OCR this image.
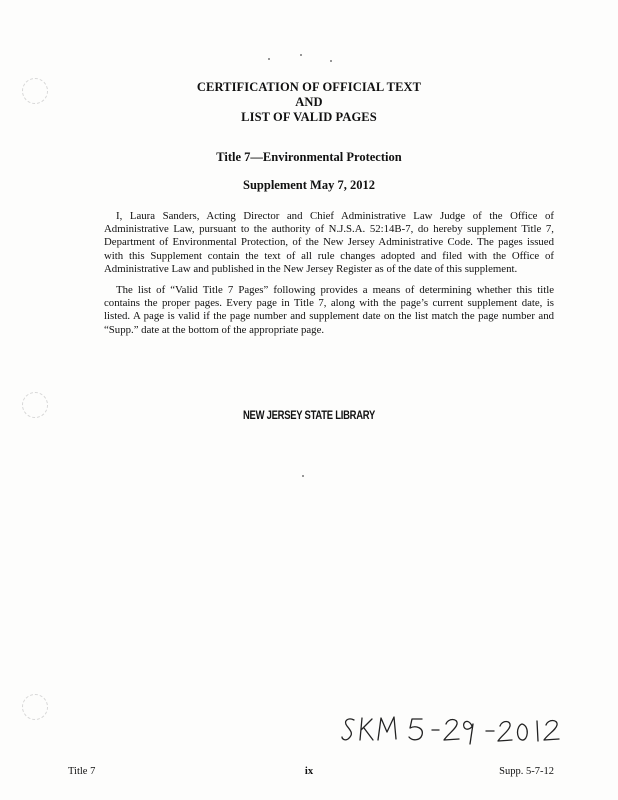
CERTIFICATION OF OFFICIAL TEXT
AND
LIST OF VALID PAGES
Title 7—Environmental Protection
Supplement May 7, 2012

I, Laura Sanders, Acting Director and Chief Administrative Law Judge of the Office of Administrative Law, pursuant to the authority of N.J.S.A. 52:14B-7, do hereby supplement Title 7, Department of Environmental Protection, of the New Jersey Administrative Code. The pages issued with this Supplement contain the text of all rule changes adopted and filed with the Office of Administrative Law and published in the New Jersey Register as of the date of this supplement.

The list of “Valid Title 7 Pages” following provides a means of determining whether this title contains the proper pages. Every page in Title 7, along with the page’s current supplement date, is listed. A page is valid if the page number and supplement date on the list match the page number and “Supp.” date at the bottom of the appropriate page.

NEW JERSEY STATE LIBRARY
Title 7	ix	Supp. 5-7-12
